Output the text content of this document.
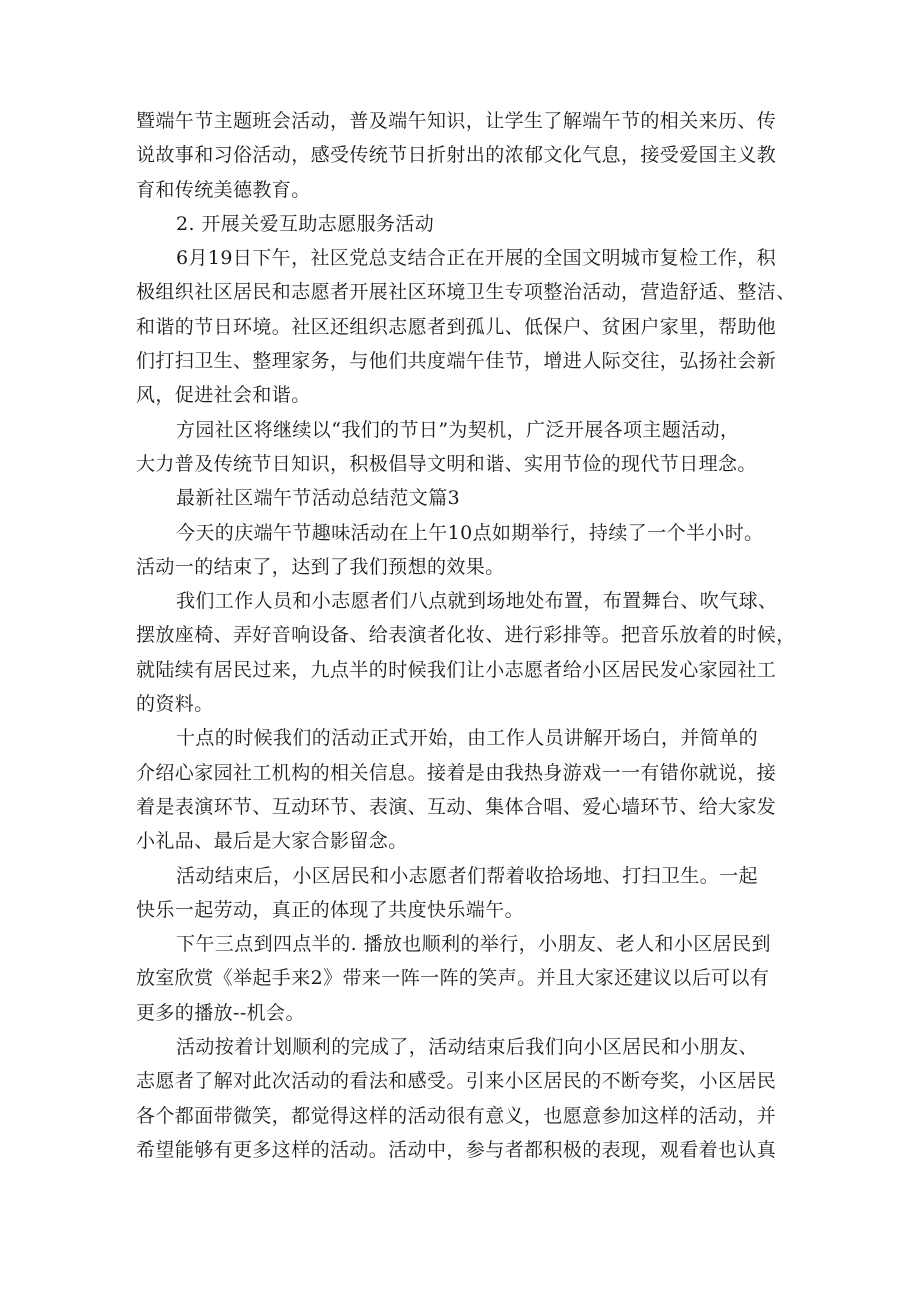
暨端午节主题班会活动，普及端午知识，让学生了解端午节的相关来历、传
说故事和习俗活动，感受传统节日折射出的浓郁文化气息，接受爱国主义教
育和传统美德教育。
2. 开展关爱互助志愿服务活动
6月19日下午，社区党总支结合正在开展的全国文明城市复检工作，积
极组织社区居民和志愿者开展社区环境卫生专项整治活动，营造舒适、整洁、
和谐的节日环境。社区还组织志愿者到孤儿、低保户、贫困户家里，帮助他
们打扫卫生、整理家务，与他们共度端午佳节，增进人际交往，弘扬社会新
风，促进社会和谐。
方园社区将继续以“我们的节日”为契机，广泛开展各项主题活动，
大力普及传统节日知识，积极倡导文明和谐、实用节俭的现代节日理念。
最新社区端午节活动总结范文篇3
今天的庆端午节趣味活动在上午10点如期举行，持续了一个半小时。
活动一的结束了，达到了我们预想的效果。
我们工作人员和小志愿者们八点就到场地处布置，布置舞台、吹气球、
摆放座椅、弄好音响设备、给表演者化妆、进行彩排等。把音乐放着的时候，
就陆续有居民过来，九点半的时候我们让小志愿者给小区居民发心家园社工
的资料。
十点的时候我们的活动正式开始，由工作人员讲解开场白，并简单的
介绍心家园社工机构的相关信息。接着是由我热身游戏一一有错你就说，接
着是表演环节、互动环节、表演、互动、集体合唱、爱心墙环节、给大家发
小礼品、最后是大家合影留念。
活动结束后，小区居民和小志愿者们帮着收拾场地、打扫卫生。一起
快乐一起劳动，真正的体现了共度快乐端午。
下午三点到四点半的. 播放也顺利的举行，小朋友、老人和小区居民到
放室欣赏《举起手来2》带来一阵一阵的笑声。并且大家还建议以后可以有
更多的播放--机会。
活动按着计划顺利的完成了，活动结束后我们向小区居民和小朋友、
志愿者了解对此次活动的看法和感受。引来小区居民的不断夸奖，小区居民
各个都面带微笑，都觉得这样的活动很有意义，也愿意参加这样的活动，并
希望能够有更多这样的活动。活动中，参与者都积极的表现，观看着也认真
